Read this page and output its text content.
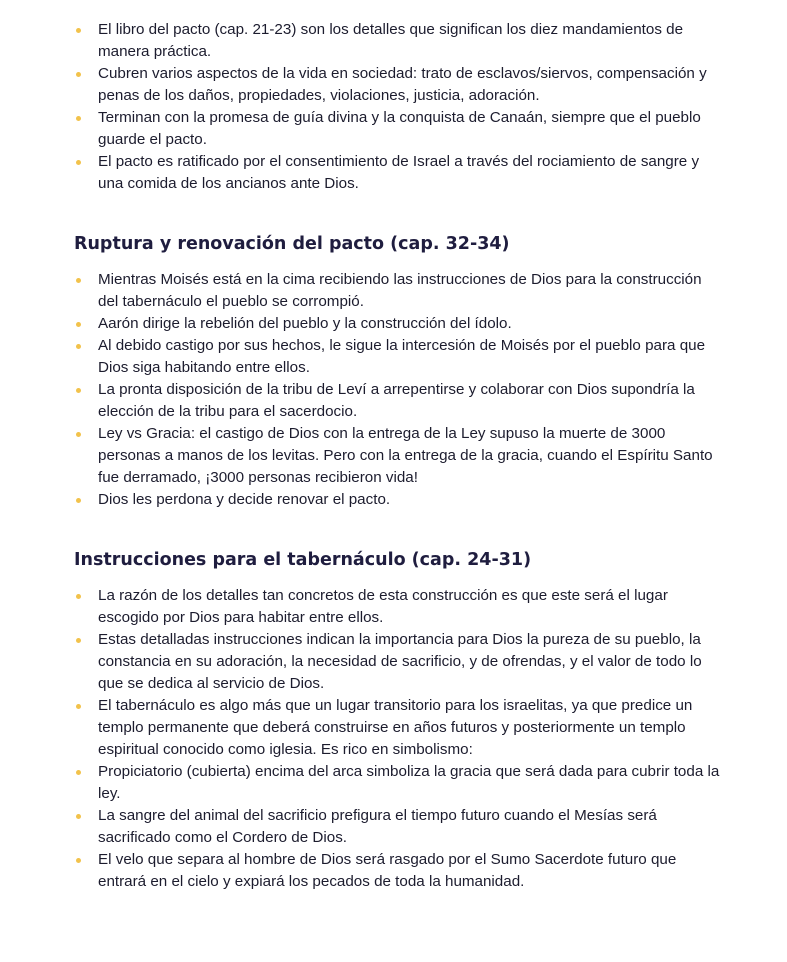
El libro del pacto (cap. 21-23) son los detalles que significan los diez mandamientos de manera práctica.
Cubren varios aspectos de la vida en sociedad: trato de esclavos/siervos, compensación y penas de los daños, propiedades, violaciones, justicia, adoración.
Terminan con la promesa de guía divina y la conquista de Canaán, siempre que el pueblo guarde el pacto.
El pacto es ratificado por el consentimiento de Israel a través del rociamiento de sangre y una comida de los ancianos ante Dios.
Ruptura y renovación del pacto (cap. 32-34)
Mientras Moisés está en la cima recibiendo las instrucciones de Dios para la construcción del tabernáculo el pueblo se corrompió.
Aarón dirige la rebelión del pueblo y la construcción del ídolo.
Al debido castigo por sus hechos, le sigue la intercesión de Moisés por el pueblo para que Dios siga habitando entre ellos.
La pronta disposición de la tribu de Leví a arrepentirse y colaborar con Dios supondría la elección de la tribu para el sacerdocio.
Ley vs Gracia: el castigo de Dios con la entrega de la Ley supuso la muerte de 3000 personas a manos de los levitas. Pero con la entrega de la gracia, cuando el Espíritu Santo fue derramado, ¡3000 personas recibieron vida!
Dios les perdona y decide renovar el pacto.
Instrucciones para el tabernáculo (cap. 24-31)
La razón de los detalles tan concretos de esta construcción es que este será el lugar escogido por Dios para habitar entre ellos.
Estas detalladas instrucciones indican la importancia para Dios la pureza de su pueblo, la constancia en su adoración, la necesidad de sacrificio, y de ofrendas, y el valor de todo lo que se dedica al servicio de Dios.
El tabernáculo es algo más que un lugar transitorio para los israelitas, ya que predice un templo permanente que deberá construirse en años futuros y posteriormente un templo espiritual conocido como iglesia. Es rico en simbolismo:
Propiciatorio (cubierta) encima del arca simboliza la gracia que será dada para cubrir toda la ley.
La sangre del animal del sacrificio prefigura el tiempo futuro cuando el Mesías será sacrificado como el Cordero de Dios.
El velo que separa al hombre de Dios será rasgado por el Sumo Sacerdote futuro que entrará en el cielo y expiará los pecados de toda la humanidad.
